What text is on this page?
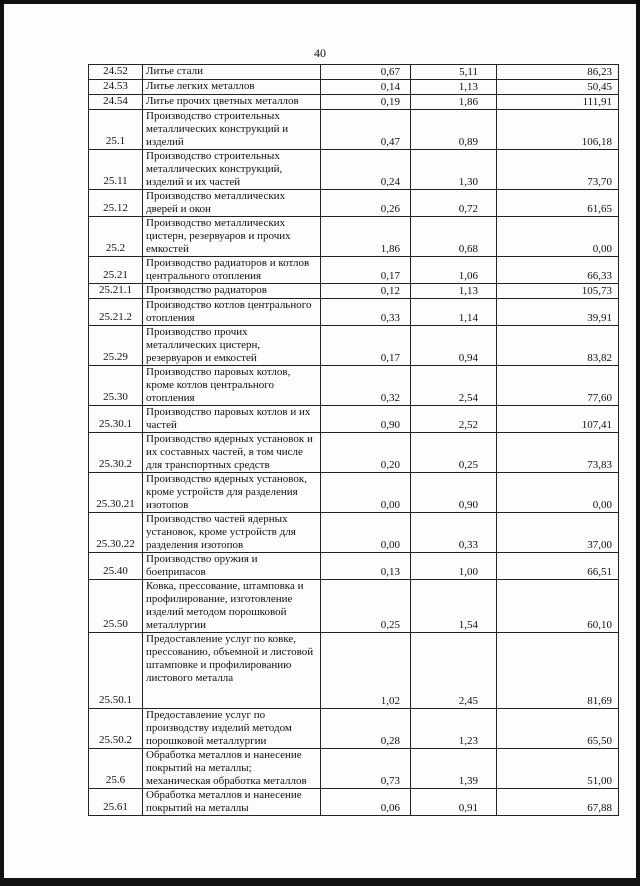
40
24.52	Литье стали	0,67	5,11	86,23
24.53	Литье легких металлов	0,14	1,13	50,45
24.54	Литье прочих цветных металлов	0,19	1,86	111,91
25.1	Производство строительных металлических конструкций и изделий	0,47	0,89	106,18
25.11	Производство строительных металлических конструкций, изделий и их частей	0,24	1,30	73,70
25.12	Производство металлических дверей и окон	0,26	0,72	61,65
25.2	Производство металлических цистерн, резервуаров и прочих емкостей	1,86	0,68	0,00
25.21	Производство радиаторов и котлов центрального отопления	0,17	1,06	66,33
25.21.1	Производство радиаторов	0,12	1,13	105,73
25.21.2	Производство котлов центрального отопления	0,33	1,14	39,91
25.29	Производство прочих металлических цистерн, резервуаров и емкостей	0,17	0,94	83,82
25.30	Производство паровых котлов, кроме котлов центрального отопления	0,32	2,54	77,60
25.30.1	Производство паровых котлов и их частей	0,90	2,52	107,41
25.30.2	Производство ядерных установок и их составных частей, в том числе для транспортных средств	0,20	0,25	73,83
25.30.21	Производство ядерных установок, кроме устройств для разделения изотопов	0,00	0,90	0,00
25.30.22	Производство частей ядерных установок, кроме устройств для разделения изотопов	0,00	0,33	37,00
25.40	Производство оружия и боеприпасов	0,13	1,00	66,51
25.50	Ковка, прессование, штамповка и профилирование, изготовление изделий методом порошковой металлургии	0,25	1,54	60,10
25.50.1	Предоставление услуг по ковке, прессованию, объемной и листовой штамповке и профилированию листового металла	1,02	2,45	81,69
25.50.2	Предоставление услуг по производству изделий методом порошковой металлургии	0,28	1,23	65,50
25.6	Обработка металлов и нанесение покрытий на металлы; механическая обработка металлов	0,73	1,39	51,00
25.61	Обработка металлов и нанесение покрытий на металлы	0,06	0,91	67,88
